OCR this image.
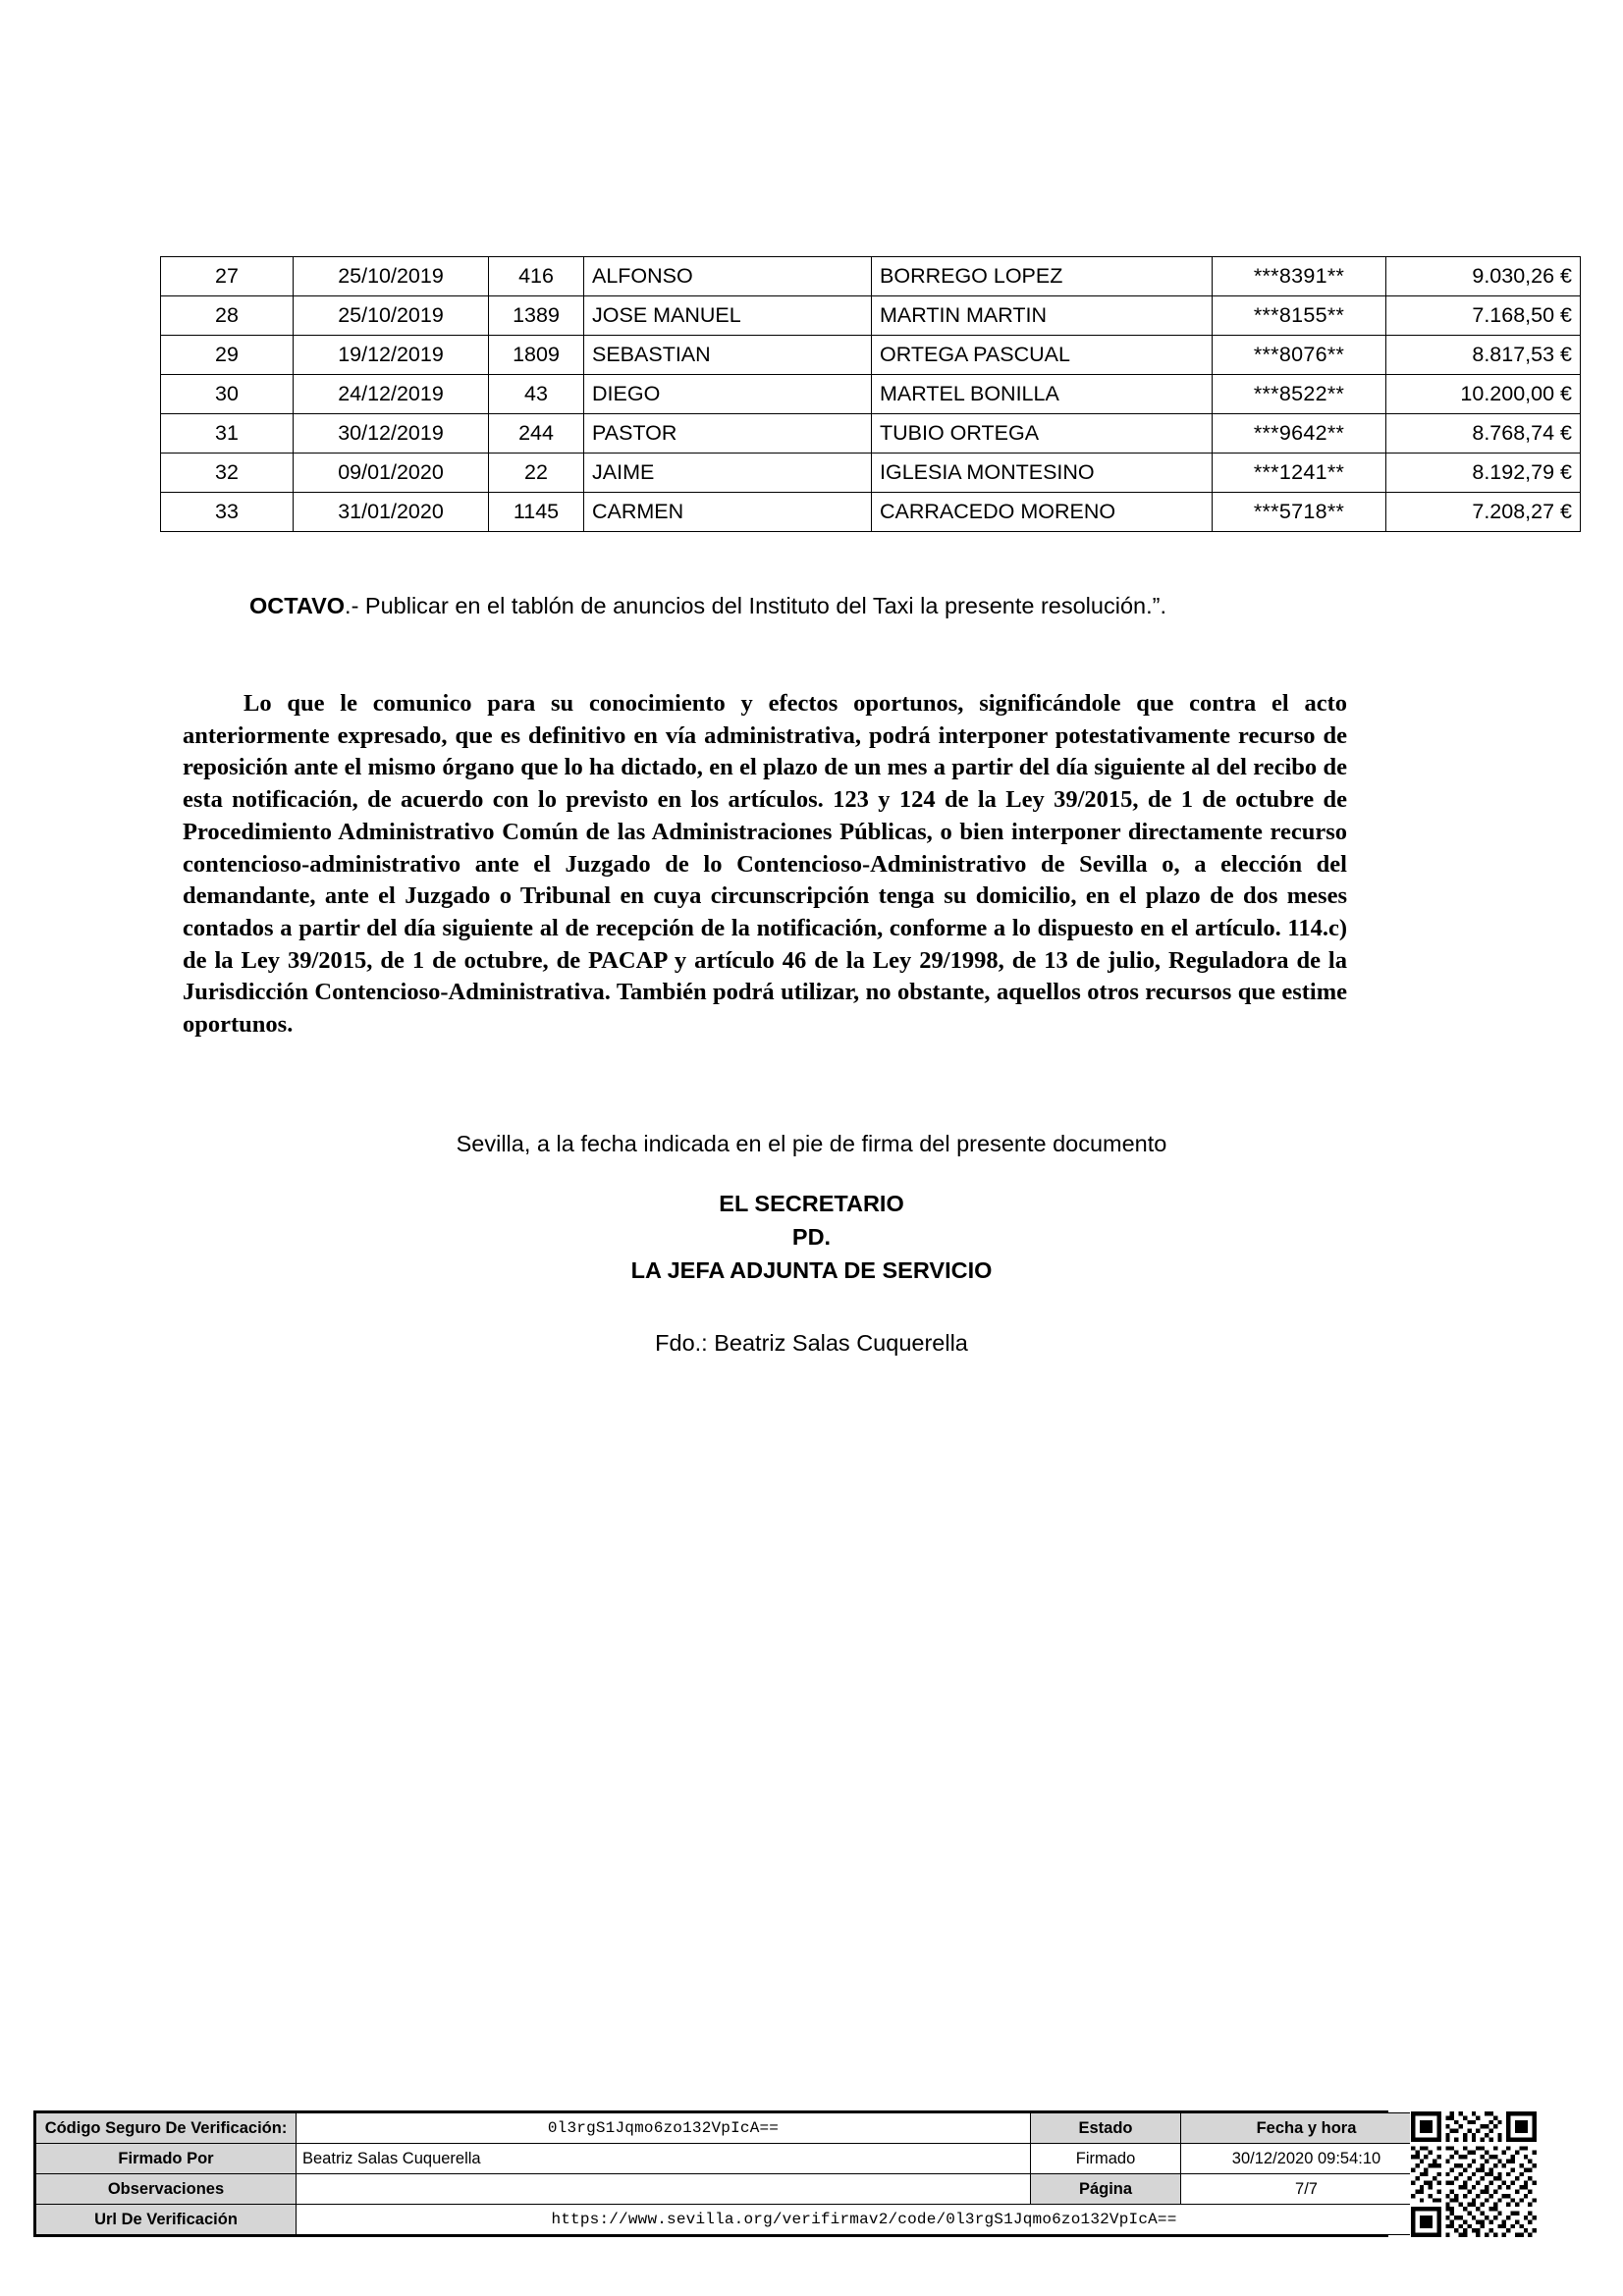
27	25/10/2019	416	ALFONSO	BORREGO LOPEZ	***8391**	9.030,26 €
28	25/10/2019	1389	JOSE MANUEL	MARTIN MARTIN	***8155**	7.168,50 €
29	19/12/2019	1809	SEBASTIAN	ORTEGA PASCUAL	***8076**	8.817,53 €
30	24/12/2019	43	DIEGO	MARTEL BONILLA	***8522**	10.200,00 €
31	30/12/2019	244	PASTOR	TUBIO ORTEGA	***9642**	8.768,74 €
32	09/01/2020	22	JAIME	IGLESIA MONTESINO	***1241**	8.192,79 €
33	31/01/2020	1145	CARMEN	CARRACEDO MORENO	***5718**	7.208,27 €
OCTAVO.- Publicar en el tablón de anuncios del Instituto del Taxi la presente resolución.”.
Lo que le comunico para su conocimiento y efectos oportunos, significándole que contra el acto anteriormente expresado, que es definitivo en vía administrativa, podrá interponer potestativamente recurso de reposición ante el mismo órgano que lo ha dictado, en el plazo de un mes a partir del día siguiente al del recibo de esta notificación, de acuerdo con lo previsto en los artículos. 123 y 124 de la Ley 39/2015, de 1 de octubre de Procedimiento Administrativo Común de las Administraciones Públicas, o bien interponer directamente recurso contencioso-administrativo ante el Juzgado de lo Contencioso-Administrativo de Sevilla o, a elección del demandante, ante el Juzgado o Tribunal en cuya circunscripción tenga su domicilio, en el plazo de dos meses contados a partir del día siguiente al de recepción de la notificación, conforme a lo dispuesto en el artículo. 114.c) de la Ley 39/2015, de 1 de octubre, de PACAP y artículo 46 de la Ley 29/1998, de 13 de julio, Reguladora de la Jurisdicción Contencioso-Administrativa. También podrá utilizar, no obstante, aquellos otros recursos que estime oportunos.
Sevilla, a la fecha indicada en el pie de firma del presente documento
EL SECRETARIO
PD.
LA JEFA ADJUNTA DE SERVICIO
Fdo.: Beatriz Salas Cuquerella
Código Seguro De Verificación:	0l3rgS1Jqmo6zo132VpIcA==	Estado	Fecha y hora
Firmado Por	Beatriz Salas Cuquerella	Firmado	30/12/2020 09:54:10
Observaciones		Página	7/7
Url De Verificación	https://www.sevilla.org/verifirmav2/code/0l3rgS1Jqmo6zo132VpIcA==		
